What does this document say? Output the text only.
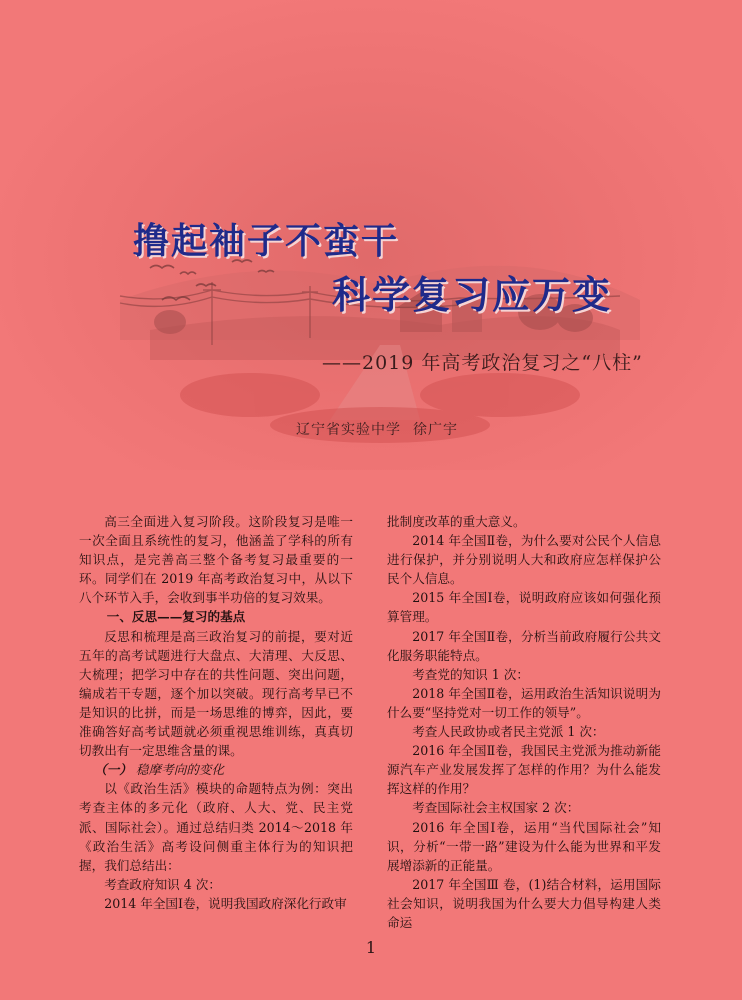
撸起袖子不蛮干
科学复习应万变
——2019 年高考政治复习之“八柱”
辽宁省实验中学 徐广宇

高三全面进入复习阶段。这阶段复习是唯一一次全面且系统性的复习，他涵盖了学科的所有知识点，是完善高三整个备考复习最重要的一环。同学们在 2019 年高考政治复习中，从以下八个环节入手，会收到事半功倍的复习效果。

一、反思——复习的基点

反思和梳理是高三政治复习的前提，要对近五年的高考试题进行大盘点、大清理、大反思、大梳理；把学习中存在的共性问题、突出问题，编成若干专题，逐个加以突破。现行高考早已不是知识的比拼，而是一场思维的博弈，因此，要准确答好高考试题就必须重视思维训练，真真切切教出有一定思维含量的课。

（一） 稳摩考向的变化

以《政治生活》模块的命题特点为例：突出考查主体的多元化（政府、人大、党、民主党派、国际社会）。通过总结归类 2014～2018 年《政治生活》高考设问侧重主体行为的知识把握，我们总结出：

考查政府知识 4 次：

2014 年全国Ⅰ卷，说明我国政府深化行政审

批制度改革的重大意义。

2014 年全国Ⅱ卷，为什么要对公民个人信息进行保护，并分别说明人大和政府应怎样保护公民个人信息。

2015 年全国Ⅰ卷，说明政府应该如何强化预算管理。

2017 年全国Ⅱ卷，分析当前政府履行公共文化服务职能特点。

考查党的知识 1 次：

2018 年全国Ⅱ卷，运用政治生活知识说明为什么要“坚持党对一切工作的领导”。

考查人民政协或者民主党派 1 次：

2016 年全国Ⅱ卷，我国民主党派为推动新能源汽车产业发展发挥了怎样的作用？为什么能发挥这样的作用？

考查国际社会主权国家 2 次：

2016 年全国Ⅰ卷，运用“当代国际社会”知识，分析“一带一路”建设为什么能为世界和平发展增添新的正能量。

2017 年全国Ⅲ 卷，(1)结合材料，运用国际社会知识，说明我国为什么要大力倡导构建人类命运

1
